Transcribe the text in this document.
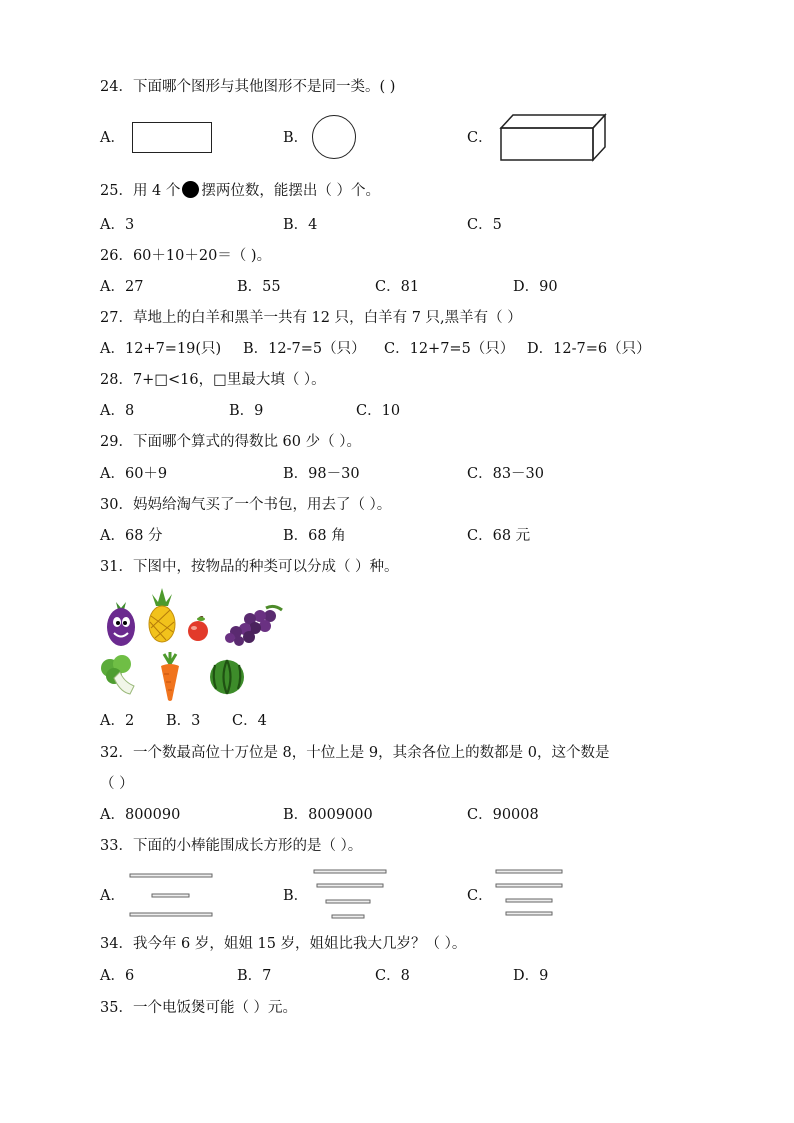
24．下面哪个图形与其他图形不是同一类。( )
A．	B．	C．
25．用 4 个 摆两位数，能摆出（ ）个。
A．3	B．4	C．5
26．60＋10＋20＝（ )。
A．27	B．55	C．81	D．90
27．草地上的白羊和黑羊一共有 12 只，白羊有 7 只,黑羊有（ ）
A．12+7=19(只) B．12-7=5（只） C．12+7=5（只） D．12-7=6（只）
28．7+□<16，□里最大填（ ）。
A．8	B．9	C．10
29．下面哪个算式的得数比 60 少（ ）。
A．60＋9	B．98－30	C．83－30
30．妈妈给淘气买了一个书包，用去了（ ）。
A．68 分	B．68 角	C．68 元
31．下图中，按物品的种类可以分成（ ）种。
A．2 B．3 C．4
32．一个数最高位十万位是 8，十位上是 9，其余各位上的数都是 0，这个数是
（ ）
A．800090	B．8009000	C．90008
33．下面的小棒能围成长方形的是（ ）。
A．	B．	C．
34．我今年 6 岁，姐姐 15 岁，姐姐比我大几岁？（ ）。
A．6	B．7	C．8	D．9
35．一个电饭煲可能（ ）元。
